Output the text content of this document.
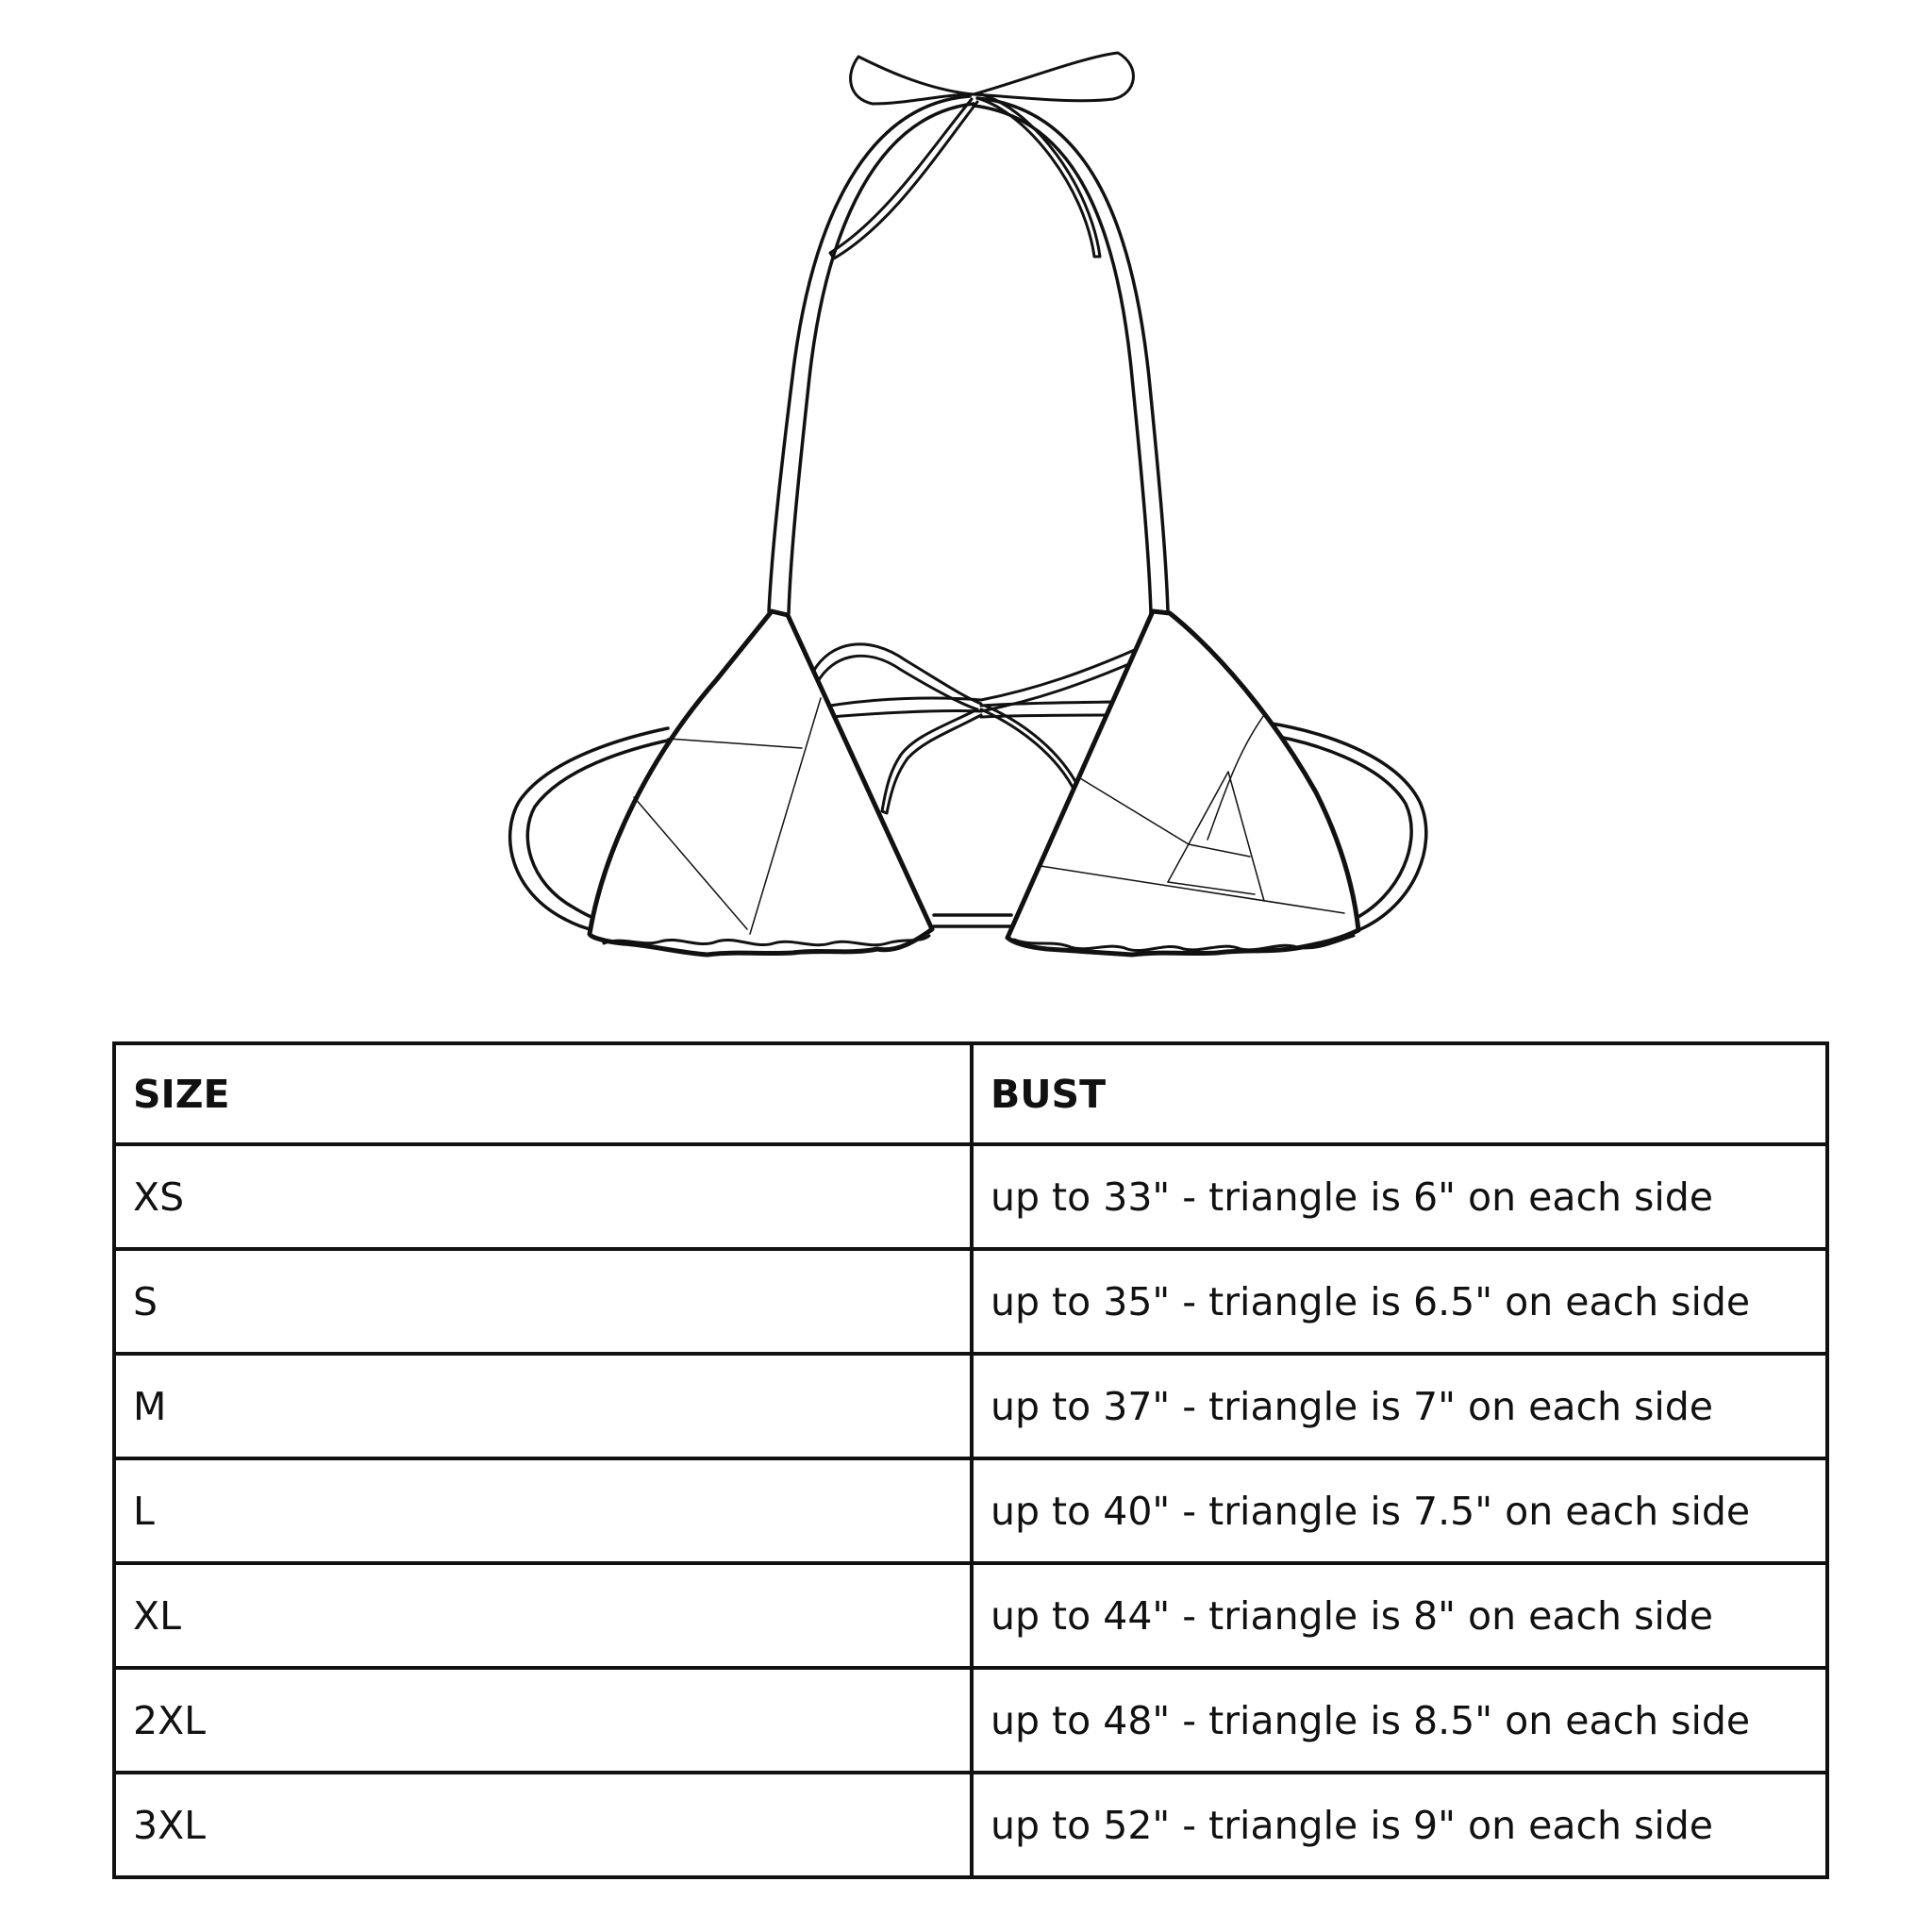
SIZE	BUST
XS	up to 33" - triangle is 6" on each side
S	up to 35" - triangle is 6.5" on each side
M	up to 37" - triangle is 7" on each side
L	up to 40" - triangle is 7.5" on each side
XL	up to 44" - triangle is 8" on each side
2XL	up to 48" - triangle is 8.5" on each side
3XL	up to 52" - triangle is 9" on each side
